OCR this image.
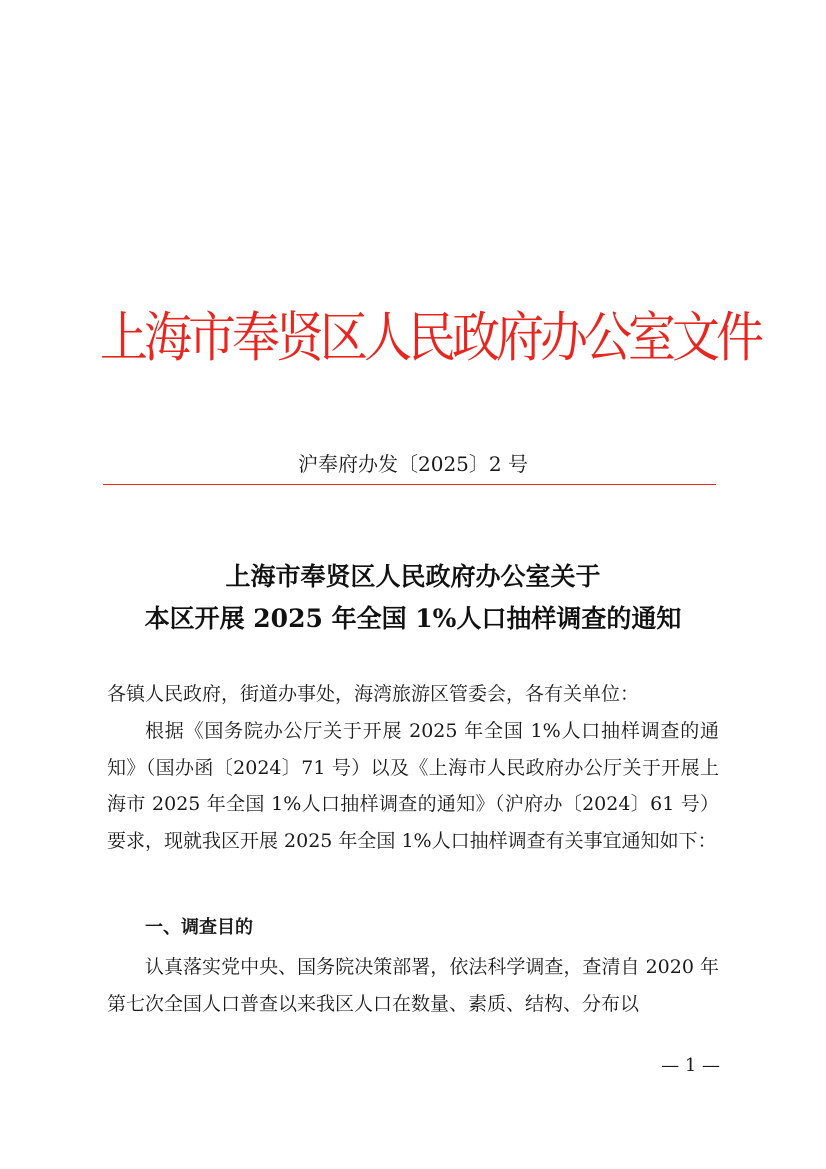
上海市奉贤区人民政府办公室文件
沪奉府办发〔2025〕2 号
上海市奉贤区人民政府办公室关于
本区开展 2025 年全国 1%人口抽样调查的通知
各镇人民政府，街道办事处，海湾旅游区管委会，各有关单位：
根据《国务院办公厅关于开展 2025 年全国 1%人口抽样调查的通知》（国办函〔2024〕71 号）以及《上海市人民政府办公厅关于开展上海市 2025 年全国 1%人口抽样调查的通知》（沪府办〔2024〕61 号）要求，现就我区开展 2025 年全国 1%人口抽样调查有关事宜通知如下：
一、调查目的
认真落实党中央、国务院决策部署，依法科学调查，查清自 2020 年第七次全国人口普查以来我区人口在数量、素质、结构、分布以
— 1 —
